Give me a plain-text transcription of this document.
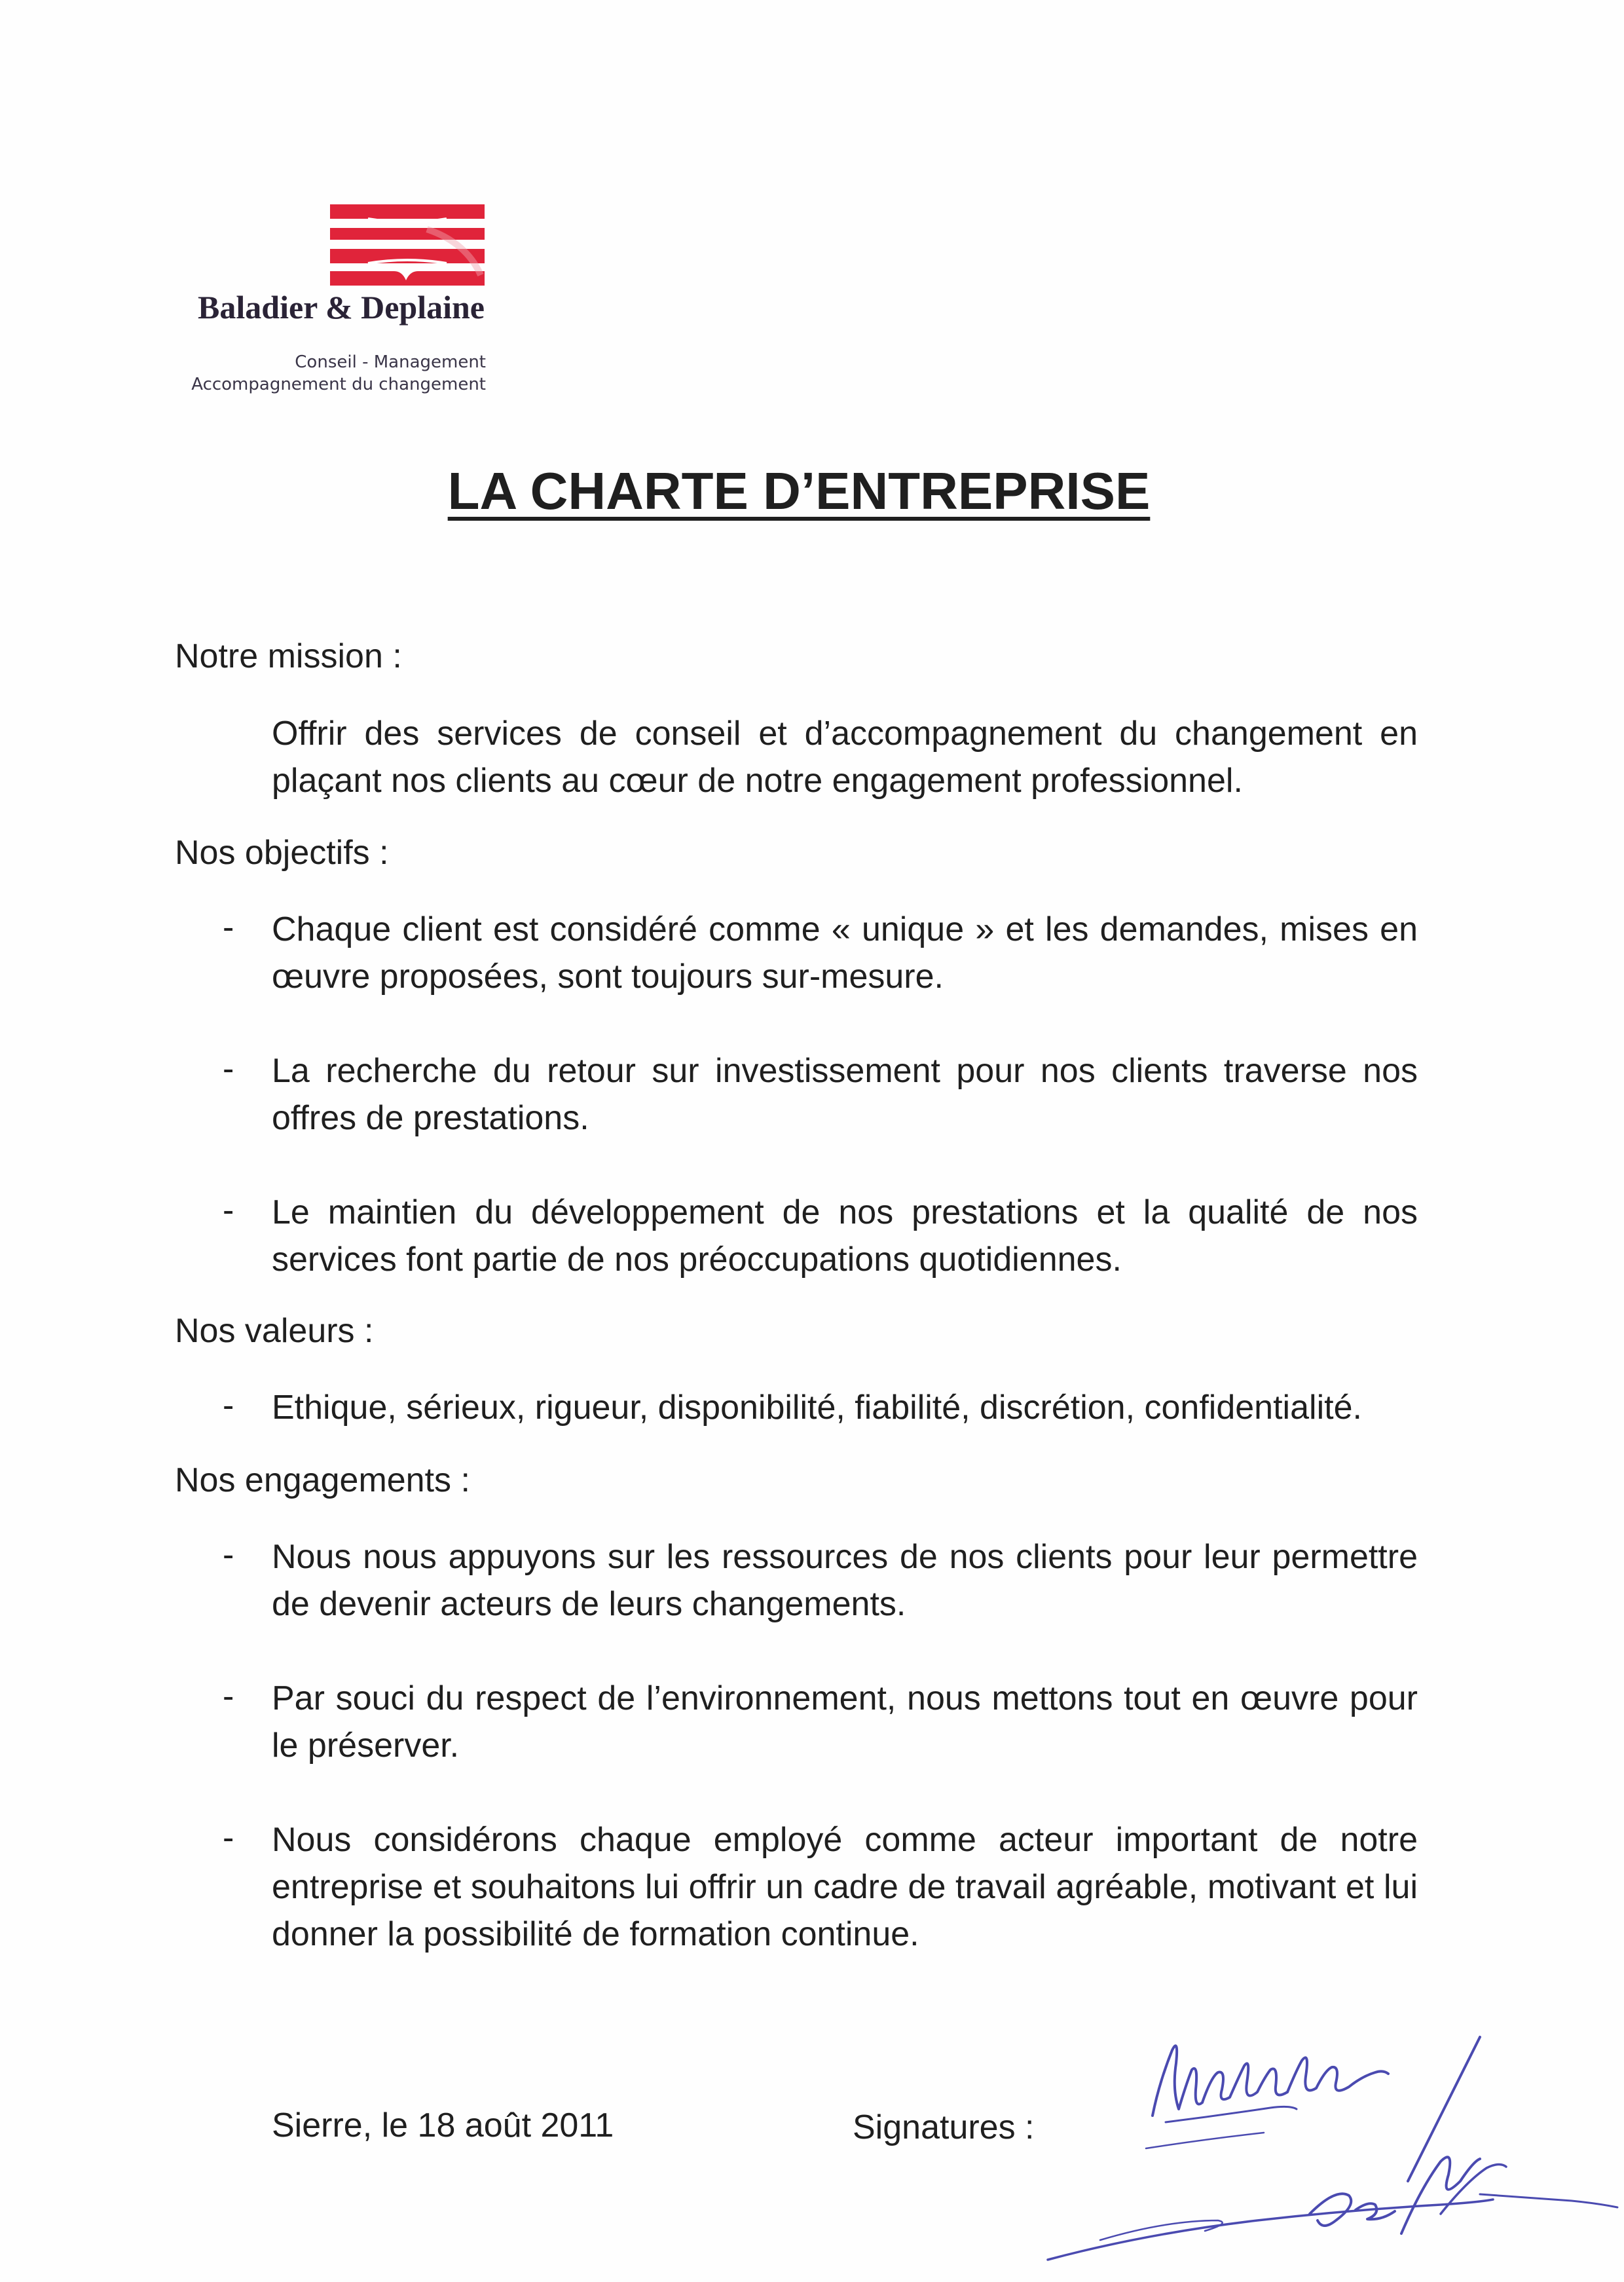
Baladier & Deplaine
Conseil - Management
Accompagnement du changement
LA CHARTE D’ENTREPRISE
Notre mission :
Offrir des services de conseil et d’accompagnement du changement en plaçant nos clients au cœur de notre engagement professionnel.
Nos objectifs :
- Chaque client est considéré comme « unique » et les demandes, mises en œuvre proposées, sont toujours sur-mesure.
- La recherche du retour sur investissement pour nos clients traverse nos offres de prestations.
- Le maintien du développement de nos prestations et la qualité de nos services font partie de nos préoccupations quotidiennes.
Nos valeurs :
- Ethique, sérieux, rigueur, disponibilité, fiabilité, discrétion, confidentialité.
Nos engagements :
- Nous nous appuyons sur les ressources de nos clients pour leur permettre de devenir acteurs de leurs changements.
- Par souci du respect de l’environnement, nous mettons tout en œuvre pour le préserver.
- Nous considérons chaque employé comme acteur important de notre entreprise et souhaitons lui offrir un cadre de travail agréable, motivant et lui donner la possibilité de formation continue.
Sierre, le 18 août 2011	Signatures :
